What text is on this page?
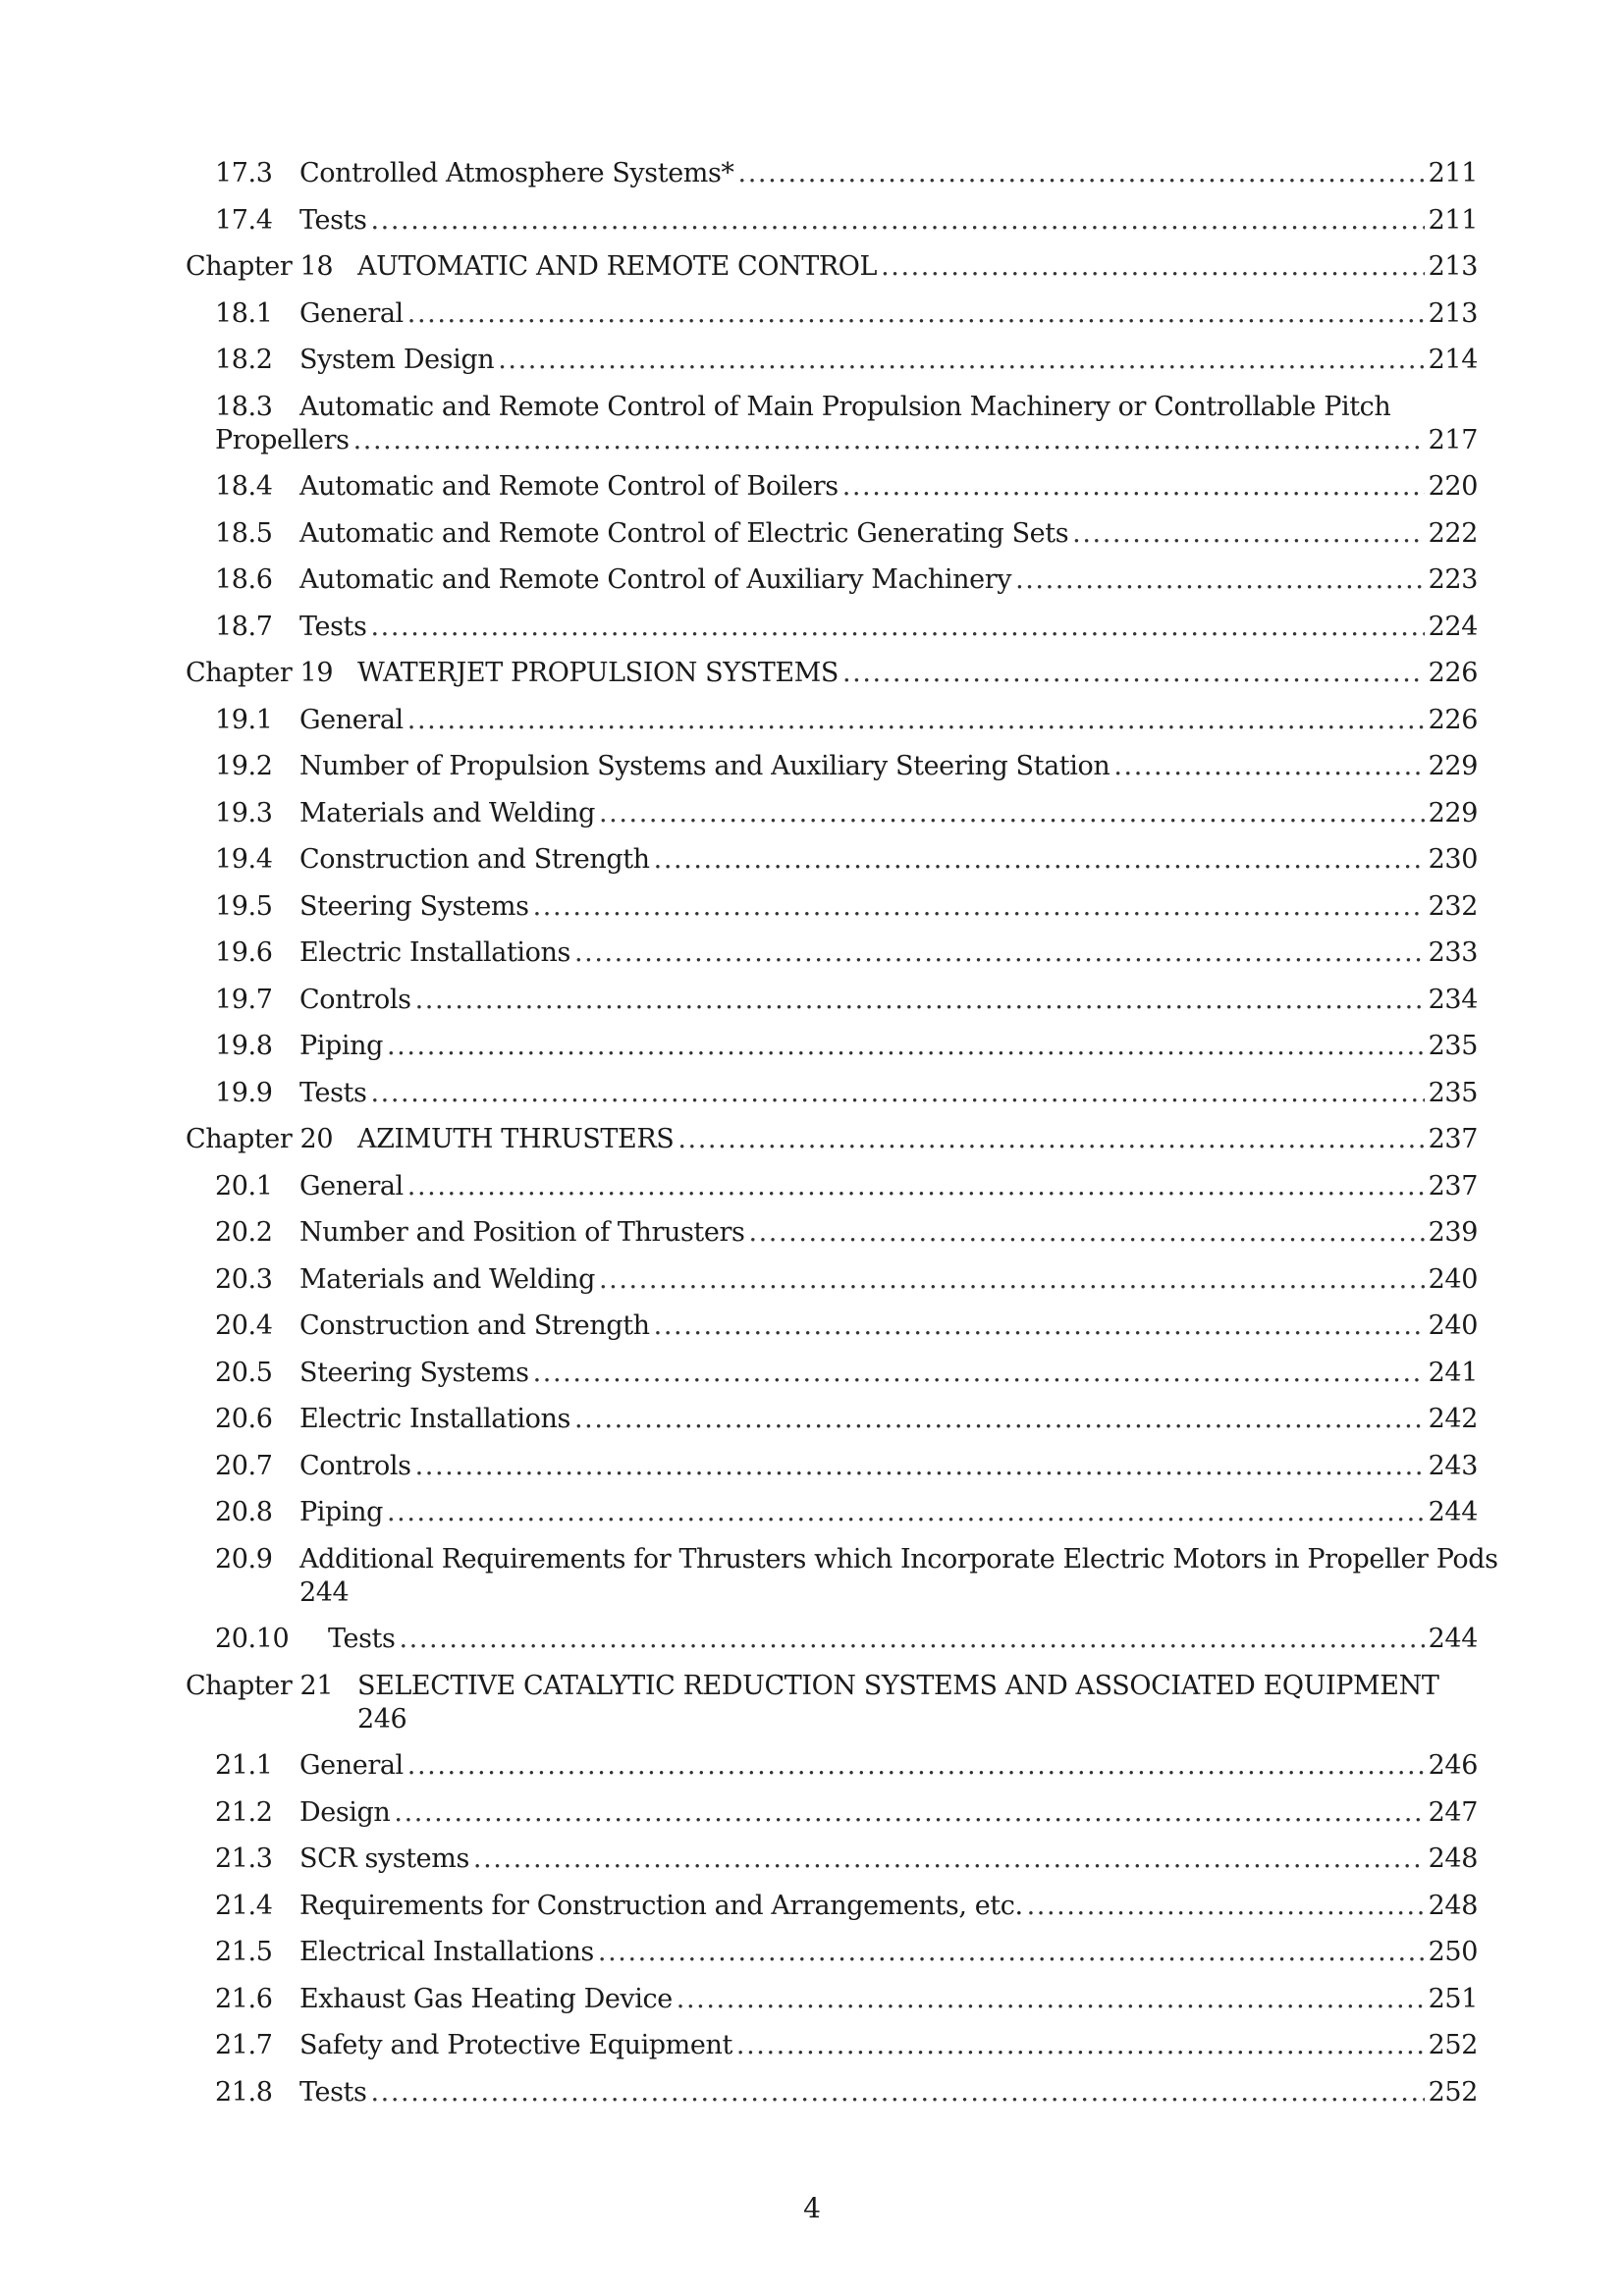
17.3 Controlled Atmosphere Systems* .....	211
17.4 Tests .....	211
Chapter 18 AUTOMATIC AND REMOTE CONTROL .....	213
18.1 General .....	213
18.2 System Design .....	214
18.3 Automatic and Remote Control of Main Propulsion Machinery or Controllable Pitch
Propellers .....	217
18.4 Automatic and Remote Control of Boilers .....	220
18.5 Automatic and Remote Control of Electric Generating Sets .....	222
18.6 Automatic and Remote Control of Auxiliary Machinery .....	223
18.7 Tests .....	224
Chapter 19 WATERJET PROPULSION SYSTEMS .....	226
19.1 General .....	226
19.2 Number of Propulsion Systems and Auxiliary Steering Station .....	229
19.3 Materials and Welding .....	229
19.4 Construction and Strength .....	230
19.5 Steering Systems .....	232
19.6 Electric Installations .....	233
19.7 Controls .....	234
19.8 Piping .....	235
19.9 Tests .....	235
Chapter 20 AZIMUTH THRUSTERS .....	237
20.1 General .....	237
20.2 Number and Position of Thrusters .....	239
20.3 Materials and Welding .....	240
20.4 Construction and Strength .....	240
20.5 Steering Systems .....	241
20.6 Electric Installations .....	242
20.7 Controls .....	243
20.8 Piping .....	244
20.9 Additional Requirements for Thrusters which Incorporate Electric Motors in Propeller Pods
244
20.10 Tests .....	244
Chapter 21 SELECTIVE CATALYTIC REDUCTION SYSTEMS AND ASSOCIATED EQUIPMENT
246
21.1 General .....	246
21.2 Design .....	247
21.3 SCR systems .....	248
21.4 Requirements for Construction and Arrangements, etc. .....	248
21.5 Electrical Installations .....	250
21.6 Exhaust Gas Heating Device .....	251
21.7 Safety and Protective Equipment .....	252
21.8 Tests .....	252
4
